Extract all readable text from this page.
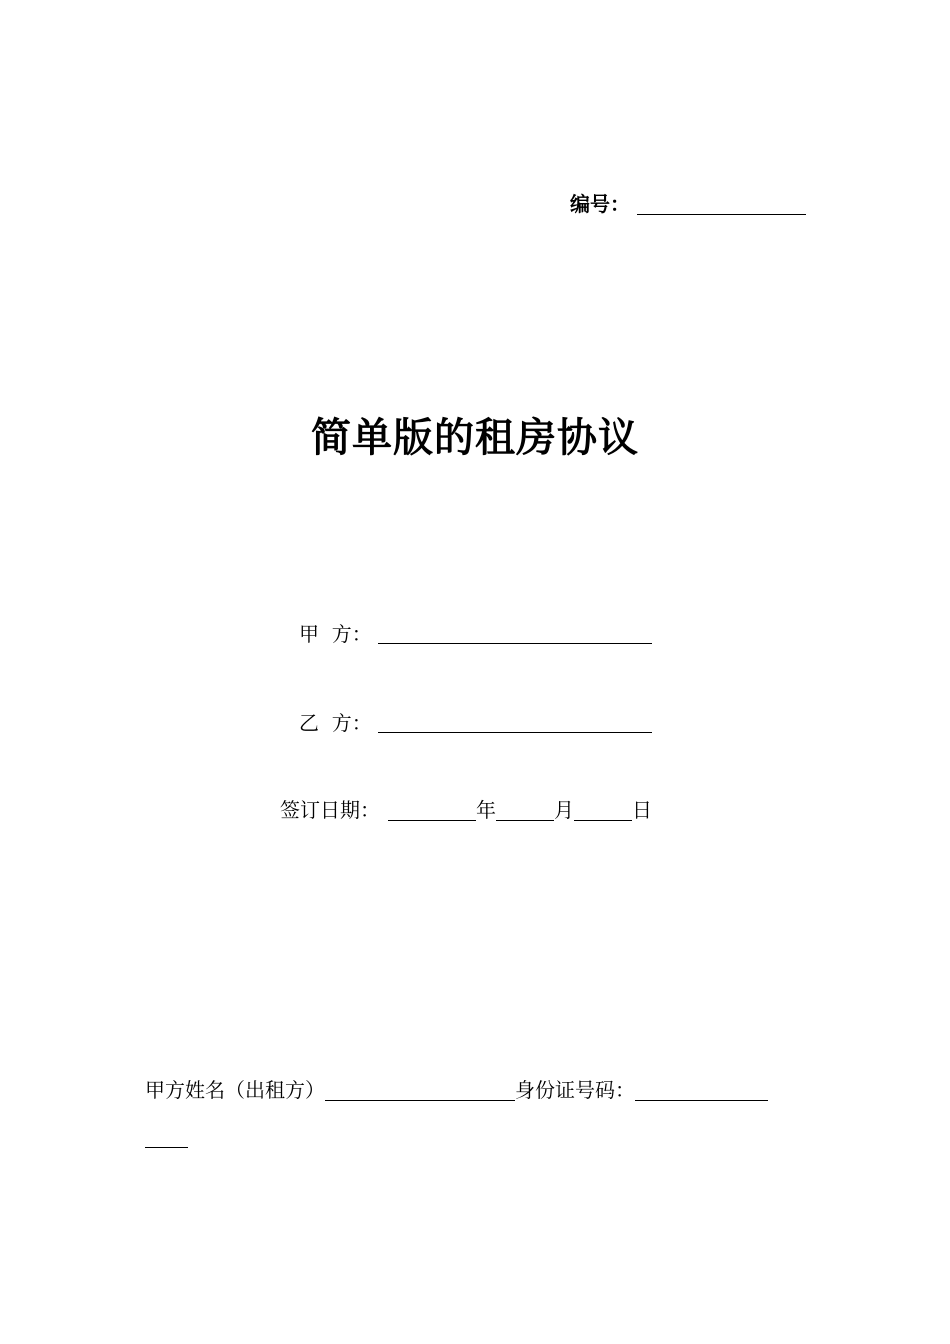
编号：
简单版的租房协议
甲  方：
乙  方：
签订日期：	年	月	日
甲方姓名（出租方）	身份证号码：
